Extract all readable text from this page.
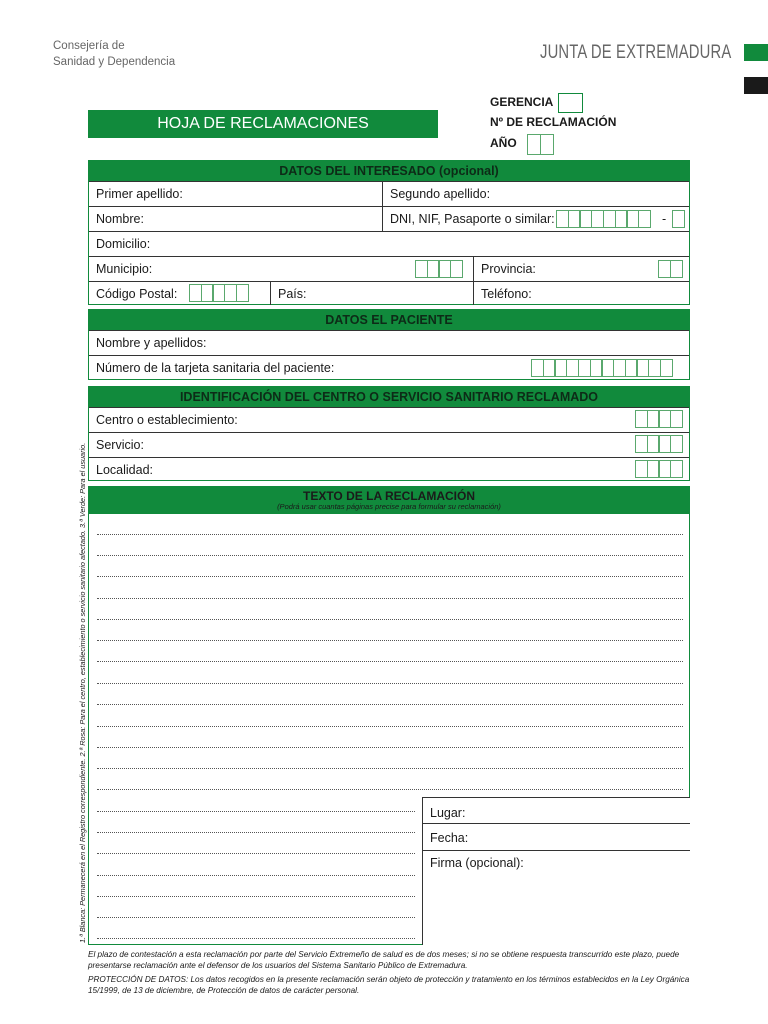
Consejería de
Sanidad y Dependencia	JUNTA DE EXTREMADURA
HOJA DE RECLAMACIONES
GERENCIA
Nº DE RECLAMACIÓN
AÑO
DATOS DEL INTERESADO (opcional)
Primer apellido:	Segundo apellido:
Nombre:	DNI, NIF, Pasaporte o similar:	-
Domicilio:
Municipio:	Provincia:
Código Postal:	País:	Teléfono:
DATOS EL PACIENTE
Nombre y apellidos:
Número de la tarjeta sanitaria del paciente:
IDENTIFICACIÓN DEL CENTRO O SERVICIO SANITARIO RECLAMADO
Centro o establecimiento:
Servicio:
Localidad:
TEXTO DE LA RECLAMACIÓN
(Podrá usar cuantas páginas precise para formular su reclamación)
Lugar:
Fecha:
Firma (opcional):
1.ª Blanca: Permanecerá en el Registro correspondiente. 2.ª Rosa: Para el centro, establecimiento o servicio sanitario afectado. 3.ª Verde: Para el usuario.
El plazo de contestación a esta reclamación por parte del Servicio Extremeño de salud es de dos meses; si no se obtiene respuesta transcurrido este plazo, puede presentarse reclamación ante el defensor de los usuarios del Sistema Sanitario Público de Extremadura.
PROTECCIÓN DE DATOS: Los datos recogidos en la presente reclamación serán objeto de protección y tratamiento en los términos establecidos en la Ley Orgánica 15/1999, de 13 de diciembre, de Protección de datos de carácter personal.
